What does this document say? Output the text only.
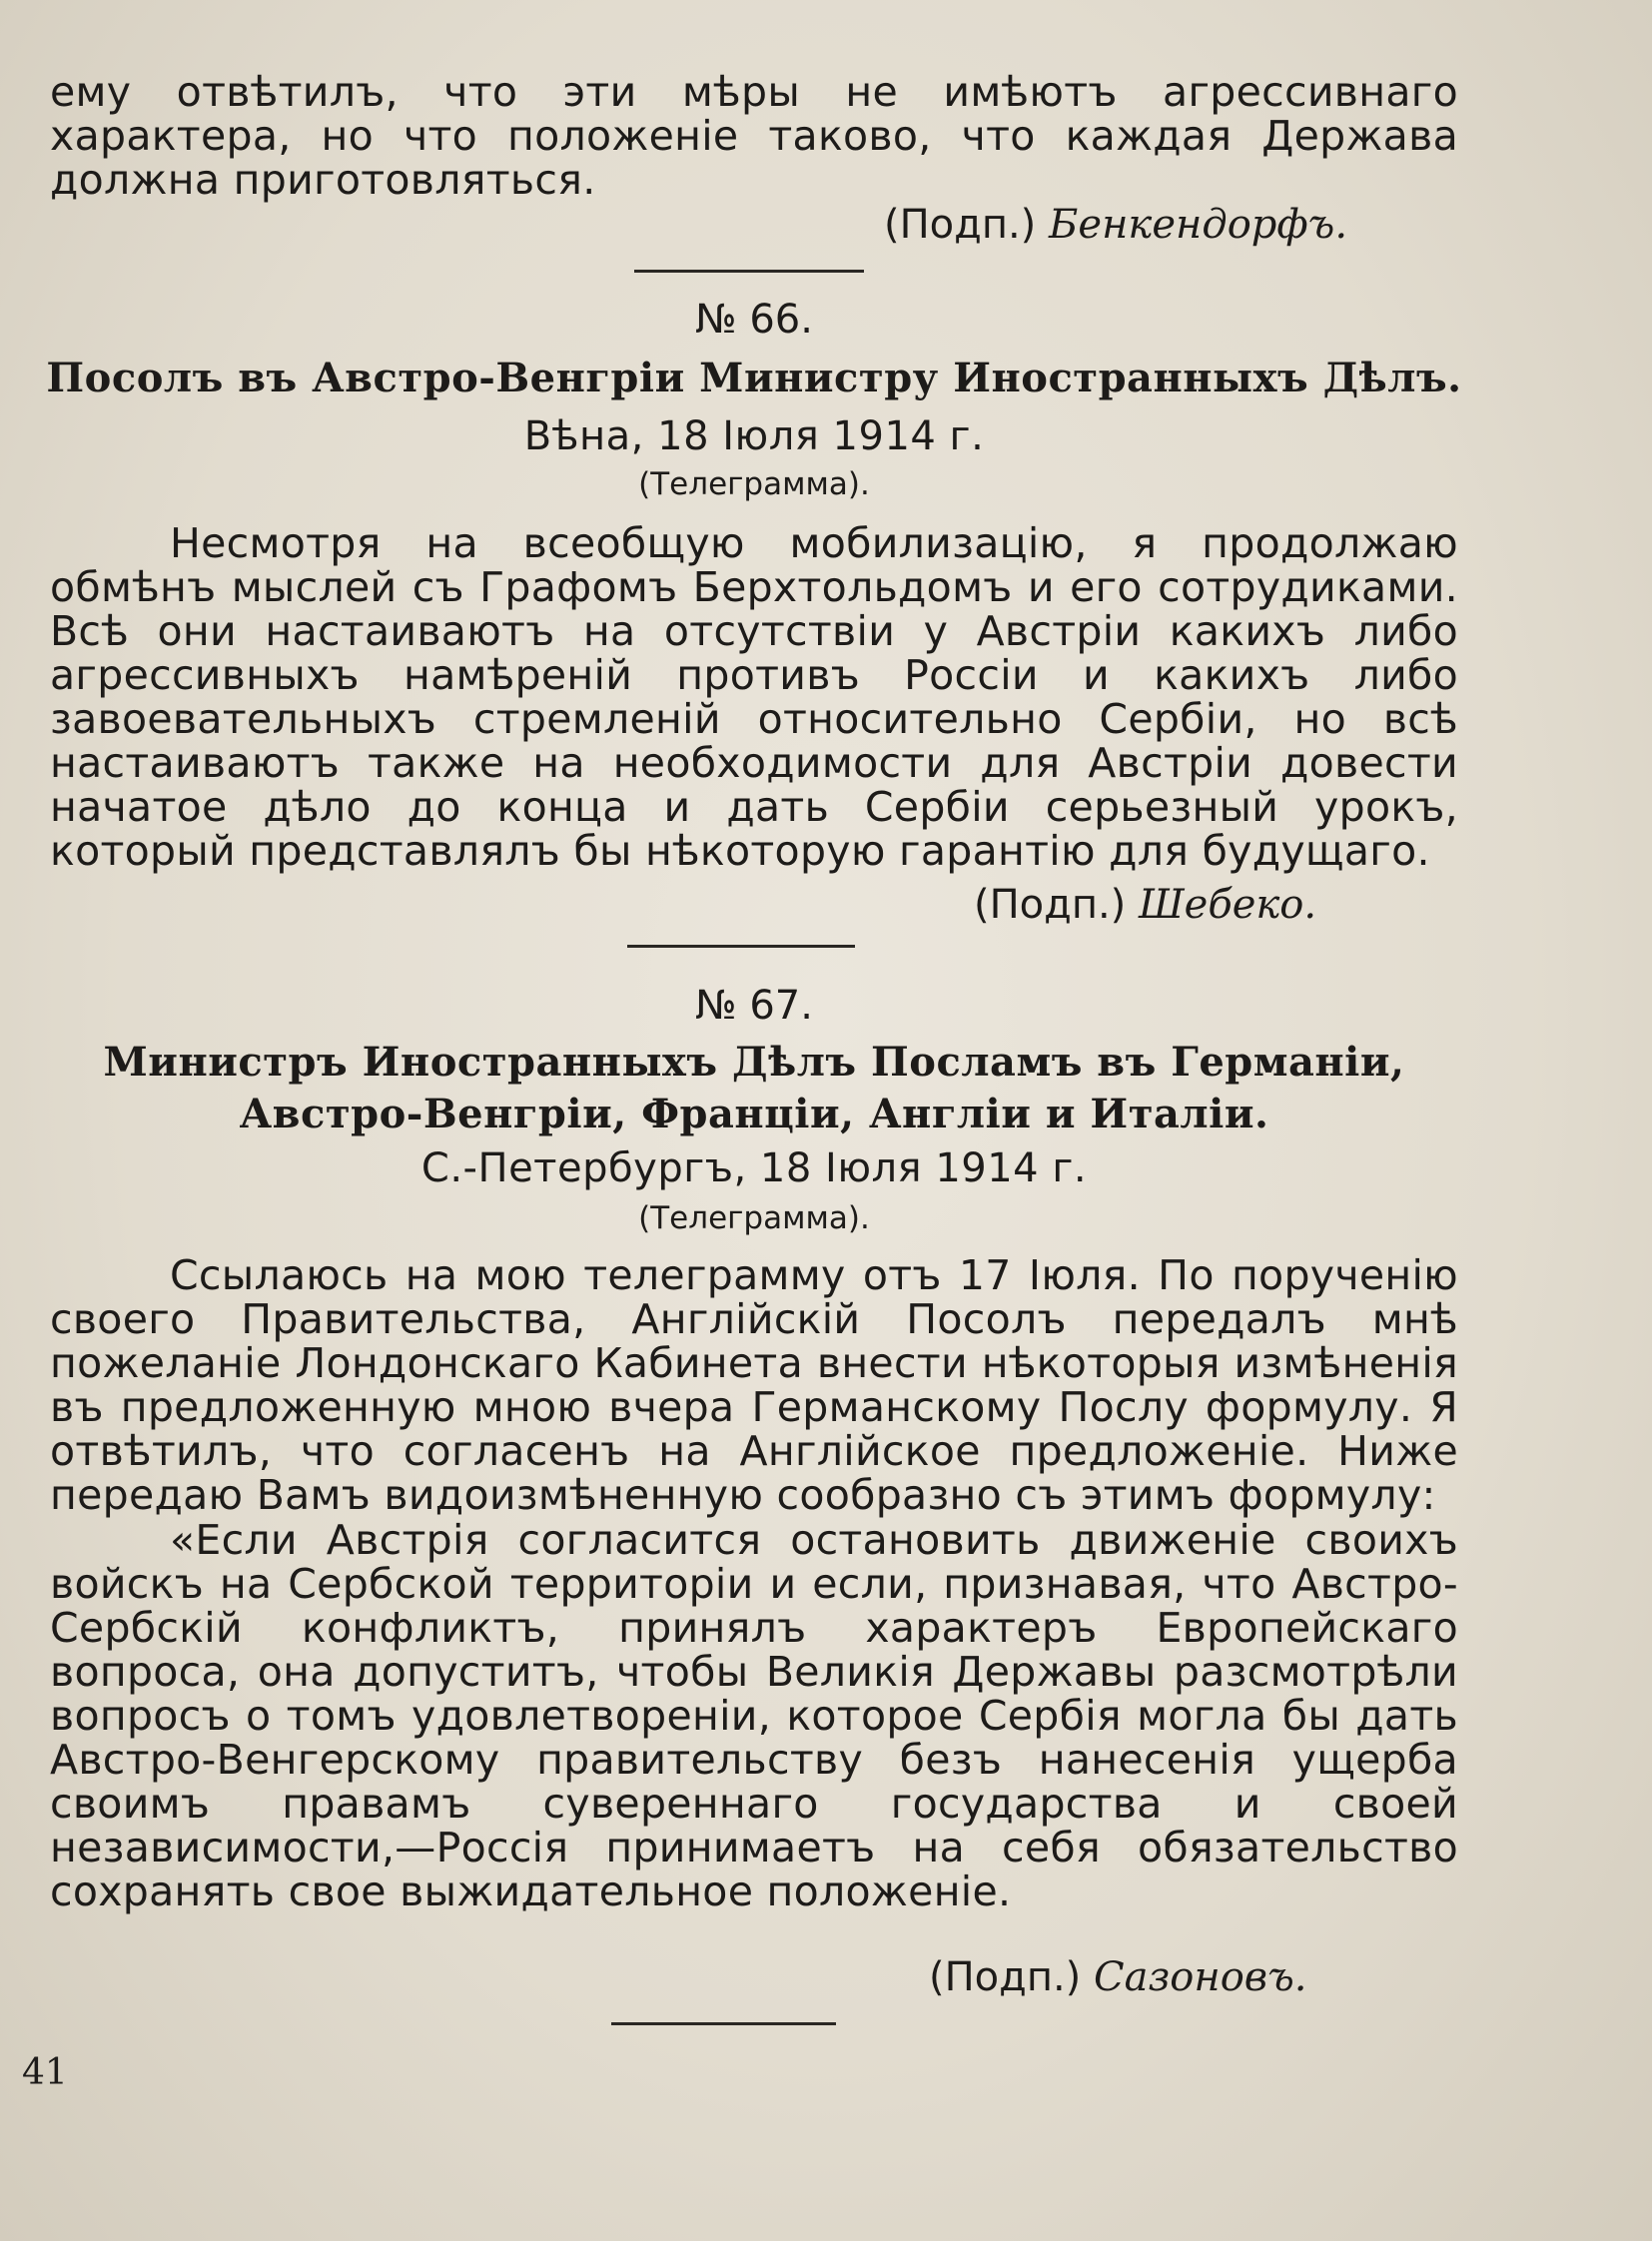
ему отвѣтилъ, что эти мѣры не имѣютъ агрессивнаго характера, но что положеніе таково, что каждая Держава должна приготовляться.
(Подп.) Бенкендорфъ.
№ 66.
Посолъ въ Австро-Венгріи Министру Иностранныхъ Дѣлъ.
Вѣна, 18 Іюля 1914 г.
(Телеграмма).
Несмотря на всеобщую мобилизацію, я продолжаю обмѣнъ мыслей съ Графомъ Берхтольдомъ и его сотрудиками. Всѣ они настаиваютъ на отсутствіи у Австріи какихъ либо агрессивныхъ намѣреній противъ Россіи и какихъ либо завоевательныхъ стремленій относительно Сербіи, но всѣ настаиваютъ также на необходимости для Австріи довести начатое дѣло до конца и дать Сербіи серьезный урокъ, который представлялъ бы нѣкоторую гарантію для будущаго.
(Подп.) Шебеко.
№ 67.
Министръ Иностранныхъ Дѣлъ Посламъ въ Германіи,
Австро-Венгріи, Франціи, Англіи и Италіи.
С.-Петербургъ, 18 Іюля 1914 г.
(Телеграмма).
Ссылаюсь на мою телеграмму отъ 17 Іюля. По порученію своего Правительства, Англійскій Посолъ передалъ мнѣ пожеланіе Лондонскаго Кабинета внести нѣкоторыя измѣненія въ предложенную мною вчера Германскому Послу формулу. Я отвѣтилъ, что согласенъ на Англійское предложеніе. Ниже передаю Вамъ видоизмѣненную сообразно съ этимъ формулу:
«Если Австрія согласится остановить движеніе своихъ войскъ на Сербской территоріи и если, признавая, что Австро-Сербскій конфликтъ, принялъ характеръ Европейскаго вопроса, она допуститъ, чтобы Великія Державы разсмотрѣли вопросъ о томъ удовлетвореніи, которое Сербія могла бы дать Австро-Венгерскому правительству безъ нанесенія ущерба своимъ правамъ сувереннаго государства и своей независимости,—Россія принимаетъ на себя обязательство сохранять свое выжидательное положеніе.
(Подп.) Сазоновъ.
41
